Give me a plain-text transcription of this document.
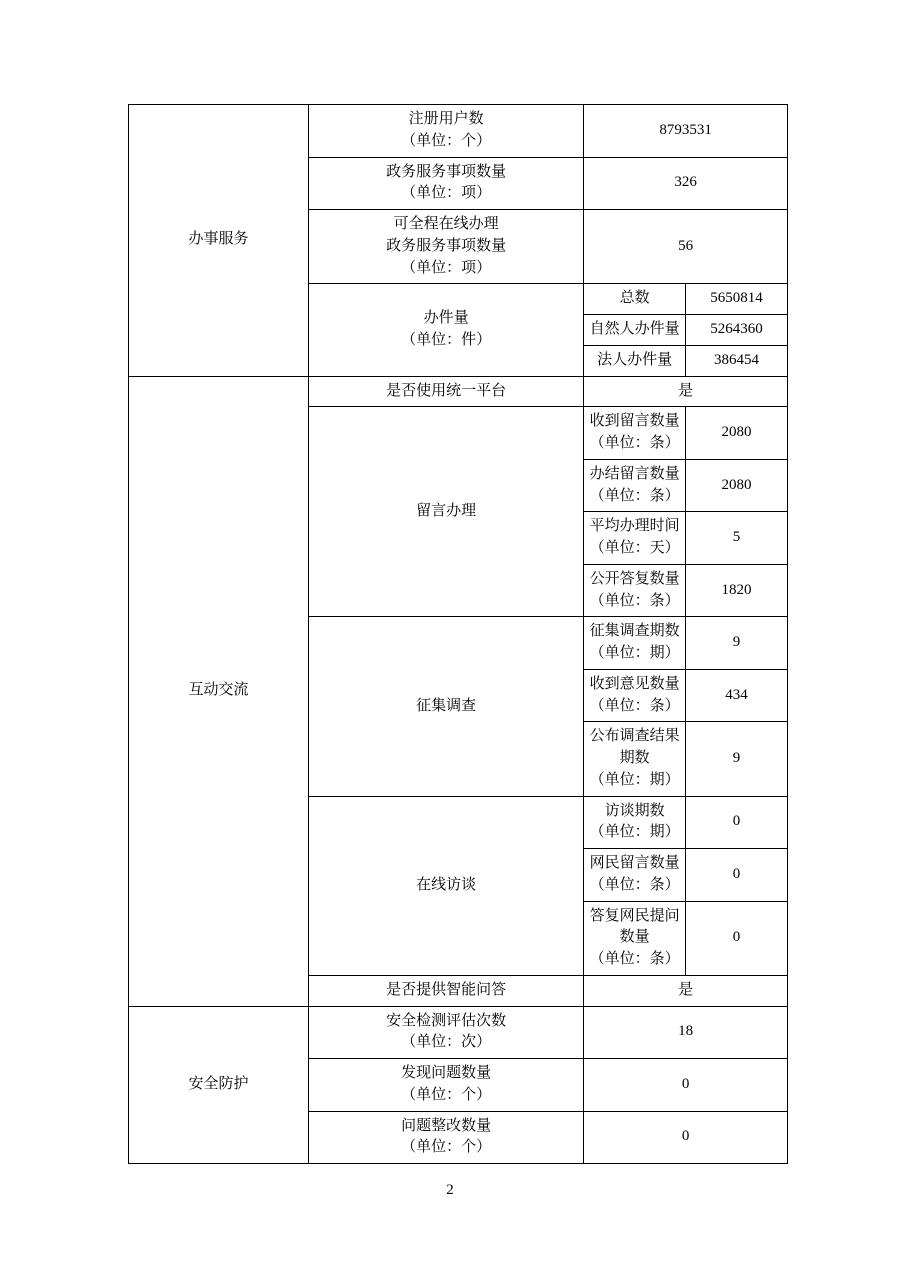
办事服务	注册用户数
（单位：个）	8793531	

	政务服务事项数量
（单位：项）	326	

	可全程在线办理
政务服务事项数量
（单位：项）	56	

	办件量
（单位：件）	总数	5650814
		自然人办件量	5264360
		法人办件量	386454
互动交流	是否使用统一平台	是	
	留言办理	收到留言数量
（单位：条）	2080

		办结留言数量
（单位：条）	2080

		平均办理时间
（单位：天）	5

		公开答复数量
（单位：条）	1820
	征集调查	征集调查期数
（单位：期）	9

		收到意见数量
（单位：条）	434

		公布调查结果期数
（单位：期）	9
	在线访谈	访谈期数
（单位：期）	0

		网民留言数量
（单位：条）	0

		答复网民提问数量
（单位：条）	0
	是否提供智能问答	是	
安全防护	安全检测评估次数
（单位：次）	18	

	发现问题数量
（单位：个）	0	

	问题整改数量
（单位：个）	0	
2
